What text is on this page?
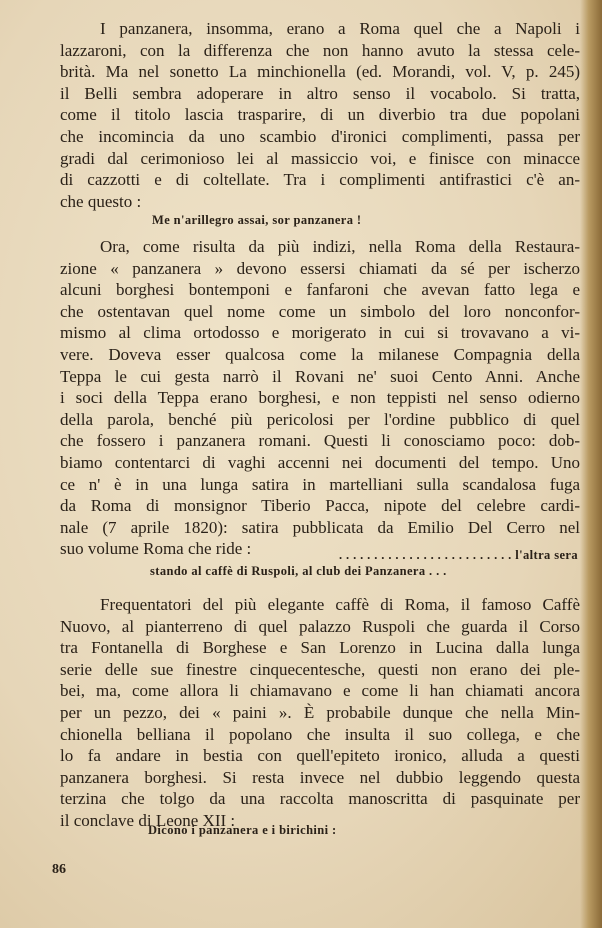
I panzanera, insomma, erano a Roma quel che a Napoli i
lazzaroni, con la differenza che non hanno avuto la stessa cele-
brità. Ma nel sonetto La minchionella (ed. Morandi, vol. V, p. 245)
il Belli sembra adoperare in altro senso il vocabolo. Si tratta,
come il titolo lascia trasparire, di un diverbio tra due popolani
che incomincia da uno scambio d'ironici complimenti, passa per
gradi dal cerimonioso lei al massiccio voi, e finisce con minacce
di cazzotti e di coltellate. Tra i complimenti antifrastici c'è an-
che questo :
Me n'arillegro assai, sor panzanera !
Ora, come risulta da più indizi, nella Roma della Restaura-
zione « panzanera » devono essersi chiamati da sé per ischerzo
alcuni borghesi bontemponi e fanfaroni che avevan fatto lega e
che ostentavan quel nome come un simbolo del loro nonconfor-
mismo al clima ortodosso e morigerato in cui si trovavano a vi-
vere. Doveva esser qualcosa come la milanese Compagnia della
Teppa le cui gesta narrò il Rovani ne' suoi Cento Anni. Anche
i soci della Teppa erano borghesi, e non teppisti nel senso odierno
della parola, benché più pericolosi per l'ordine pubblico di quel
che fossero i panzanera romani. Questi li conosciamo poco: dob-
biamo contentarci di vaghi accenni nei documenti del tempo. Uno
ce n' è in una lunga satira in martelliani sulla scandalosa fuga
da Roma di monsignor Tiberio Pacca, nipote del celebre cardi-
nale (7 aprile 1820): satira pubblicata da Emilio Del Cerro nel
suo volume Roma che ride :	. . . . . . . . . . . . . . . . . . . . . . . . . l'altra sera
stando al caffè di Ruspoli, al club dei Panzanera . . .
Frequentatori del più elegante caffè di Roma, il famoso Caffè
Nuovo, al pianterreno di quel palazzo Ruspoli che guarda il Corso
tra Fontanella di Borghese e San Lorenzo in Lucina dalla lunga
serie delle sue finestre cinquecentesche, questi non erano dei ple-
bei, ma, come allora li chiamavano e come li han chiamati ancora
per un pezzo, dei « paini ». È probabile dunque che nella Min-
chionella belliana il popolano che insulta il suo collega, e che
lo fa andare in bestia con quell'epiteto ironico, alluda a questi
panzanera borghesi. Si resta invece nel dubbio leggendo questa
terzina che tolgo da una raccolta manoscritta di pasquinate per
il conclave di Leone XII :
Dicono i panzanera e i birichini :
86
